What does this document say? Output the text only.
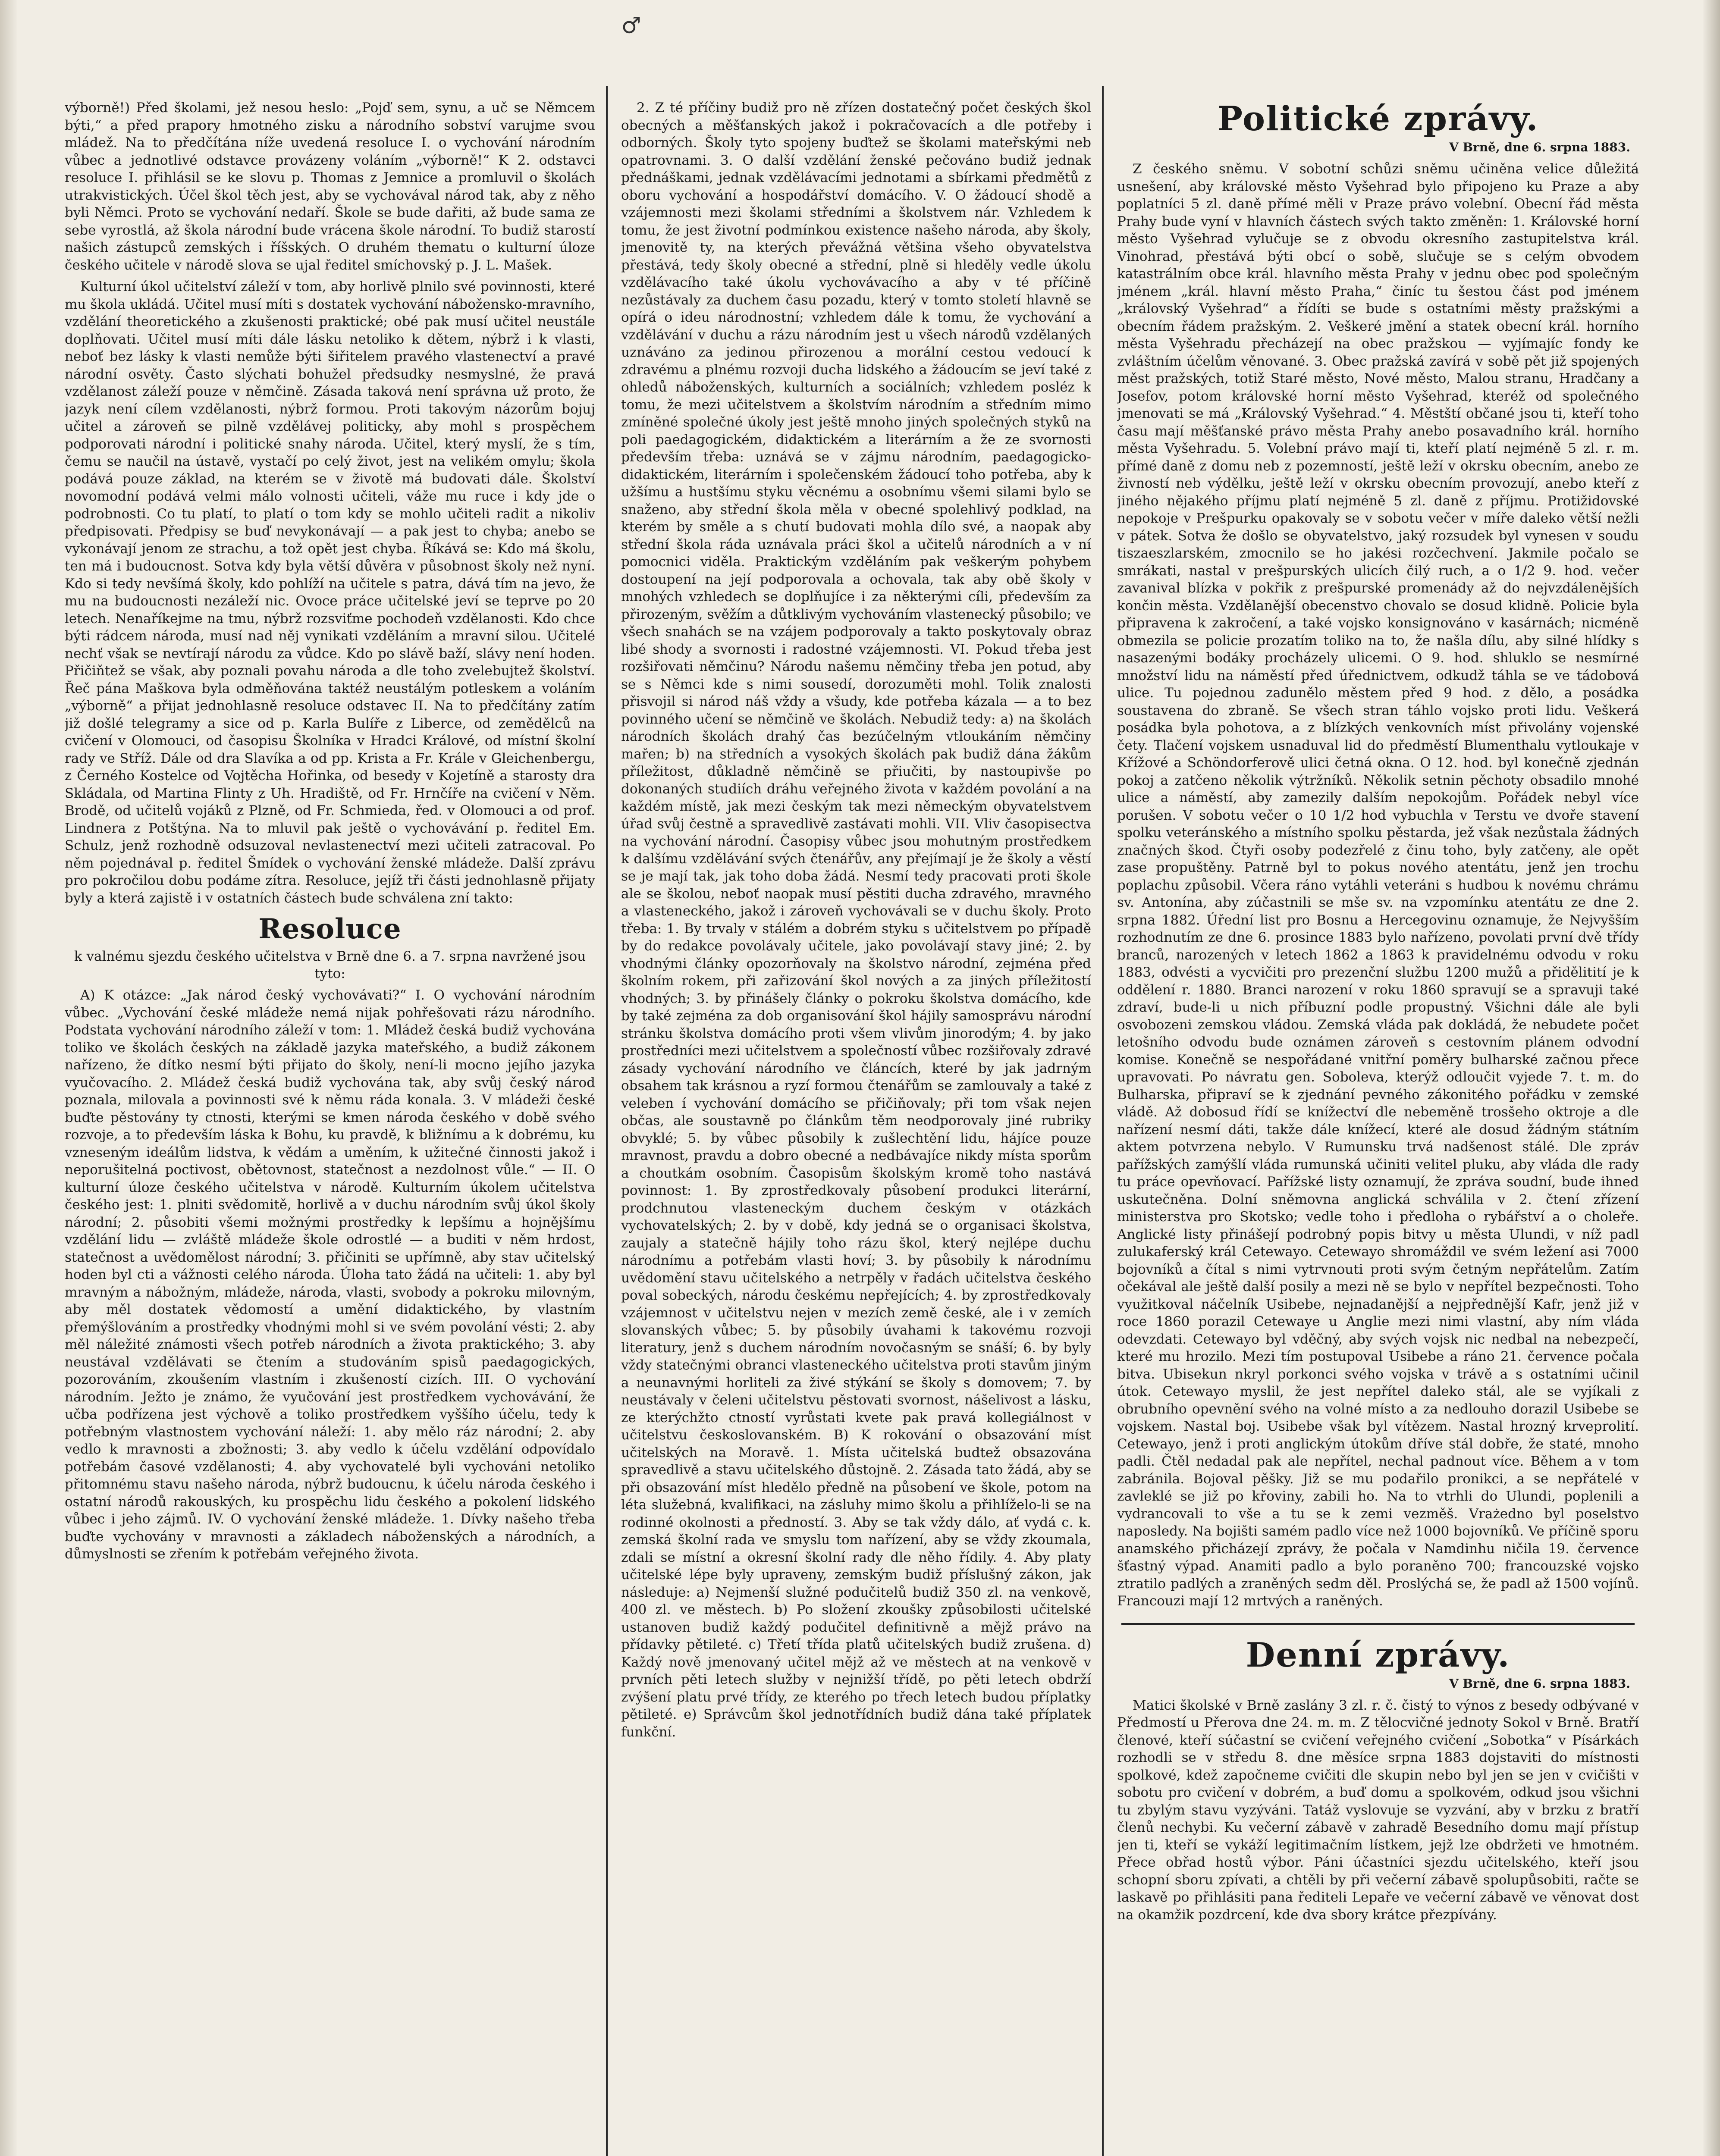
♂

výborně!) Před školami, jež nesou heslo: „Pojď sem, synu, a uč se Němcem býti,“ a před prapory hmotného zisku a národního sobství varujme svou mládež. Na to předčítána níže uvedená resoluce I. o vychování národním vůbec a jednotlivé odstavce provázeny voláním „výborně!“ K 2. odstavci resoluce I. přihlásil se ke slovu p. Thomas z Jemnice a promluvil o školách utrakvistických. Účel škol těch jest, aby se vychovával národ tak, aby z něho byli Němci. Proto se vychování nedaří. Škole se bude dařiti, až bude sama ze sebe vyrostlá, až škola národní bude vrácena škole národní. To budiž starostí našich zástupců zemských i říšských. O druhém thematu o kulturní úloze českého učitele v národě slova se ujal ředitel smíchovský p. J. L. Mašek.

Kulturní úkol učitelství záleží v tom, aby horlivě plnilo své povinnosti, které mu škola ukládá. Učitel musí míti s dostatek vychování nábožensko-mravního, vzdělání theoretického a zkušenosti praktické; obé pak musí učitel neustále doplňovati. Učitel musí míti dále lásku netoliko k dětem, nýbrž i k vlasti, neboť bez lásky k vlasti nemůže býti šiřitelem pravého vlastenectví a pravé národní osvěty. Často slýchati bohužel předsudky nesmyslné, že pravá vzdělanost záleží pouze v němčině. Zásada taková není správna už proto, že jazyk není cílem vzdělanosti, nýbrž formou. Proti takovým názorům bojuj učitel a zároveň se pilně vzdělávej politicky, aby mohl s prospěchem podporovati národní i politické snahy národa. Učitel, který myslí, že s tím, čemu se naučil na ústavě, vystačí po celý život, jest na velikém omylu; škola podává pouze základ, na kterém se v životě má budovati dále. Školství novomodní podává velmi málo volnosti učiteli, váže mu ruce i kdy jde o podrobnosti. Co tu platí, to platí o tom kdy se mohlo učiteli radit a nikoliv předpisovati. Předpisy se buď nevykonávají — a pak jest to chyba; anebo se vykonávají jenom ze strachu, a tož opět jest chyba. Říkává se: Kdo má školu, ten má i budoucnost. Sotva kdy byla větší důvěra v působnost školy než nyní. Kdo si tedy nevšímá školy, kdo pohlíží na učitele s patra, dává tím na jevo, že mu na budoucnosti nezáleží nic. Ovoce práce učitelské jeví se teprve po 20 letech. Nenaříkejme na tmu, nýbrž rozsviťme pochodeň vzdělanosti. Kdo chce býti rádcem národa, musí nad něj vynikati vzděláním a mravní silou. Učitelé nechť však se nevtírají národu za vůdce. Kdo po slávě baží, slávy není hoden. Přičiňtež se však, aby poznali povahu národa a dle toho zvelebujtež školství. Řeč pána Maškova byla odměňována taktéž neustálým potleskem a voláním „výborně“ a přijat jednohlasně resoluce odstavec II. Na to předčítány zatím již došlé telegramy a sice od p. Karla Bulíře z Liberce, od zemědělců na cvičení v Olomouci, od časopisu Školníka v Hradci Králové, od místní školní rady ve Stříž. Dále od dra Slavíka a od pp. Krista a Fr. Krále v Gleichenbergu, z Černého Kostelce od Vojtěcha Hořinka, od besedy v Kojetíně a starosty dra Skládala, od Martina Flinty z Uh. Hradiště, od Fr. Hrnčíře na cvičení v Něm. Brodě, od učitelů vojáků z Plzně, od Fr. Schmieda, řed. v Olomouci a od prof. Lindnera z Potštýna. Na to mluvil pak ještě o vychovávání p. ředitel Em. Schulz, jenž rozhodně odsuzoval nevlastenectví mezi učiteli zatracoval. Po něm pojednával p. ředitel Šmídek o vychování ženské mládeže. Další zprávu pro pokročilou dobu podáme zítra. Resoluce, jejíž tři části jednohlasně přijaty byly a která zajistě i v ostatních částech bude schválena zní takto:

Resoluce
k valnému sjezdu českého učitelstva v Brně dne 6. a 7. srpna navržené jsou tyto:

A) K otázce: „Jak národ český vychovávati?“ I. O vychování národním vůbec. „Vychování české mládeže nemá nijak pohřešovati rázu národního. Podstata vychování národního záleží v tom: 1. Mládež česká budiž vychována toliko ve školách českých na základě jazyka mateřského, a budiž zákonem nařízeno, že dítko nesmí býti přijato do školy, není-li mocno jejího jazyka vyučovacího. 2. Mládež česká budiž vychována tak, aby svůj český národ poznala, milovala a povinnosti své k němu ráda konala. 3. V mládeži české buďte pěstovány ty ctnosti, kterými se kmen národa českého v době svého rozvoje, a to především láska k Bohu, ku pravdě, k bližnímu a k dobrému, ku vzneseným ideálům lidstva, k vědám a uměním, k užitečné činnosti jakož i neporušitelná poctivost, obětovnost, statečnost a nezdolnost vůle.“ — II. O kulturní úloze českého učitelstva v národě. Kulturním úkolem učitelstva českého jest: 1. plniti svědomitě, horlivě a v duchu národním svůj úkol školy národní; 2. působiti všemi možnými prostředky k lepšímu a hojnějšímu vzdělání lidu — zvláště mládeže škole odrostlé — a buditi v něm hrdost, statečnost a uvědomělost národní; 3. přičiniti se upřímně, aby stav učitelský hoden byl cti a vážnosti celého národa. Úloha tato žádá na učiteli: 1. aby byl mravným a nábožným, mládeže, národa, vlasti, svobody a pokroku milovným, aby měl dostatek vědomostí a umění didaktického, by vlastním přemýšlováním a prostředky vhodnými mohl si ve svém povolání vésti; 2. aby měl náležité známosti všech potřeb národních a života praktického; 3. aby neustával vzdělávati se čtením a studováním spisů paedagogických, pozorováním, zkoušením vlastním i zkušeností cizích. III. O vychování národním. Ježto je známo, že vyučování jest prostředkem vychovávání, že učba podřízena jest výchově a toliko prostředkem vyššího účelu, tedy k potřebným vlastnostem vychování náleží: 1. aby mělo ráz národní; 2. aby vedlo k mravnosti a zbožnosti; 3. aby vedlo k účelu vzdělání odpovídalo potřebám časové vzdělanosti; 4. aby vychovatelé byli vychováni netoliko přitomnému stavu našeho národa, nýbrž budoucnu, k účelu národa českého i ostatní národů rakouských, ku prospěchu lidu českého a pokolení lidského vůbec i jeho zájmů. IV. O vychování ženské mládeže. 1. Dívky našeho třeba buďte vychovány v mravnosti a základech náboženských a národních, a důmyslnosti se zřením k potřebám veřejného života.

2. Z té příčiny budiž pro ně zřízen dostatečný počet českých škol obecných a měšťanských jakož i pokračovacích a dle potřeby i odborných. Školy tyto spojeny buďtež se školami mateřskými neb opatrovnami. 3. O další vzdělání ženské pečováno budiž jednak přednáškami, jednak vzdělávacími jednotami a sbírkami předmětů z oboru vychování a hospodářství domácího. V. O žádoucí shodě a vzájemnosti mezi školami středními a školstvem nár. Vzhledem k tomu, že jest životní podmínkou existence našeho národa, aby školy, jmenovitě ty, na kterých převážná většina všeho obyvatelstva přestává, tedy školy obecné a střední, plně si hleděly vedle úkolu vzdělávacího také úkolu vychovávacího a aby v té příčině nezůstávaly za duchem času pozadu, který v tomto století hlavně se opírá o ideu národnostní; vzhledem dále k tomu, že vychování a vzdělávání v duchu a rázu národním jest u všech národů vzdělaných uznáváno za jedinou přirozenou a morální cestou vedoucí k zdravému a plnému rozvoji ducha lidského a žádoucím se jeví také z ohledů náboženských, kulturních a sociálních; vzhledem posléz k tomu, že mezi učitelstvem a školstvím národním a středním mimo zmíněné společné úkoly jest ještě mnoho jiných společných styků na poli paedagogickém, didaktickém a literárním a že ze svornosti především třeba: uznává se v zájmu národním, paedagogicko-didaktickém, literárním i společenském žádoucí toho potřeba, aby k užšímu a hustšímu styku věcnému a osobnímu všemi silami bylo se snaženo, aby střední škola měla v obecné spolehlivý podklad, na kterém by směle a s chutí budovati mohla dílo své, a naopak aby střední škola ráda uznávala práci škol a učitelů národních a v ní pomocnici viděla. Praktickým vzděláním pak veškerým pohybem dostoupení na její podporovala a ochovala, tak aby obě školy v mnohých vzhledech se doplňujíce i za některými cíli, především za přirozeným, svěžím a důtklivým vychováním vlastenecký působilo; ve všech snahách se na vzájem podporovaly a takto poskytovaly obraz libé shody a svornosti i radostné vzájemnosti. VI. Pokud třeba jest rozšiřovati němčinu? Národu našemu němčiny třeba jen potud, aby se s Němci kde s nimi sousedí, dorozuměti mohl. Tolik znalosti přisvojil si národ náš vždy a všudy, kde potřeba kázala — a to bez povinného učení se němčině ve školách. Nebudiž tedy: a) na školách národních školách drahý čas bezúčelným vtloukáním němčiny mařen; b) na středních a vysokých školách pak budiž dána žákům příležitost, důkladně němčině se přiučiti, by nastoupivše po dokonaných studiích dráhu veřejného života v každém povolání a na každém místě, jak mezi českým tak mezi německým obyvatelstvem úřad svůj čestně a spravedlivě zastávati mohli. VII. Vliv časopisectva na vychování národní. Časopisy vůbec jsou mohutným prostředkem k dalšímu vzdělávání svých čtenářův, any přejímají je že školy a věstí se je mají tak, jak toho doba žádá. Nesmí tedy pracovati proti škole ale se školou, neboť naopak musí pěstiti ducha zdravého, mravného a vlasteneckého, jakož i zároveň vychovávali se v duchu školy. Proto třeba: 1. By trvaly v stálém a dobrém styku s učitelstvem po případě by do redakce povolávaly učitele, jako povolávají stavy jiné; 2. by vhodnými články opozorňovaly na školstvo národní, zejména před školním rokem, při zařizování škol nových a za jiných příležitostí vhodných; 3. by přinášely články o pokroku školstva domácího, kde by také zejména za dob organisování škol hájily samosprávu národní stránku školstva domácího proti všem vlivům jinorodým; 4. by jako prostředníci mezi učitelstvem a společností vůbec rozšiřovaly zdravé zásady vychování národního ve článcích, které by jak jadrným obsahem tak krásnou a ryzí formou čtenářům se zamlouvaly a také z veleben í vychování domácího se přičiňovaly; při tom však nejen občas, ale soustavně po článkům těm neodporovaly jiné rubriky obvyklé; 5. by vůbec působily k zušlechtění lidu, hájíce pouze mravnost, pravdu a dobro obecné a nedbávajíce nikdy místa sporům a choutkám osobním. Časopisům školským kromě toho nastává povinnost: 1. By zprostředkovaly působení produkci literární, prodchnutou vlasteneckým duchem českým v otázkách vychovatelských; 2. by v době, kdy jedná se o organisaci školstva, zaujaly a statečně hájily toho rázu škol, který nejlépe duchu národnímu a potřebám vlasti hoví; 3. by působily k národnímu uvědomění stavu učitelského a netrpěly v řadách učitelstva českého poval sobeckých, národu českému nepřejících; 4. by zprostředkovaly vzájemnost v učitelstvu nejen v mezích země české, ale i v zemích slovanských vůbec; 5. by působily úvahami k takovému rozvoji literatury, jenž s duchem národním novočasným se snáší; 6. by byly vždy statečnými obranci vlasteneckého učitelstva proti stavům jiným a neunavnými horliteli za živé stýkání se školy s domovem; 7. by neustávaly v čeleni učitelstvu pěstovati svornost, nášelivost a lásku, ze kterýchžto ctností vyrůstati kvete pak pravá kollegiálnost v učitelstvu českoslovanském. B) K rokování o obsazování míst učitelských na Moravě. 1. Místa učitelská budtež obsazována spravedlivě a stavu učitelského důstojně. 2. Zásada tato žádá, aby se při obsazování míst hledělo předně na působení ve škole, potom na léta služebná, kvalifikaci, na zásluhy mimo školu a přihlíželo-li se na rodinné okolnosti a předností. 3. Aby se tak vždy dálo, ať vydá c. k. zemská školní rada ve smyslu tom nařízení, aby se vždy zkoumala, zdali se místní a okresní školní rady dle něho řídily. 4. Aby platy učitelské lépe byly upraveny, zemským budiž příslušný zákon, jak následuje: a) Nejmenší služné podučitelů budiž 350 zl. na venkově, 400 zl. ve městech. b) Po složení zkoušky způsobilosti učitelské ustanoven budiž každý podučitel definitivně a mějž právo na přídavky pětileté. c) Třetí třída platů učitelských budiž zrušena. d) Každý nově jmenovaný učitel mějž až ve městech at na venkově v prvních pěti letech služby v nejnižší třídě, po pěti letech obdrží zvýšení platu prvé třídy, ze kterého po třech letech budou příplatky pětileté. e) Správcům škol jednotřídních budiž dána také příplatek funkční.

Politické zprávy.
V Brně, dne 6. srpna 1883.

Z českého sněmu. V sobotní schůzi sněmu učiněna velice důležitá usnešení, aby královské město Vyšehrad bylo připojeno ku Praze a aby poplatníci 5 zl. daně přímé měli v Praze právo volební. Obecní řád města Prahy bude vyní v hlavních částech svých takto změněn: 1. Královské horní město Vyšehrad vylučuje se z obvodu okresního zastupitelstva král. Vinohrad, přestává býti obcí o sobě, slučuje se s celým obvodem katastrálním obce král. hlavního města Prahy v jednu obec pod společným jménem „král. hlavní město Praha,“ činíc tu šestou část pod jménem „královský Vyšehrad“ a řídíti se bude s ostatními městy pražskými a obecním řádem pražským. 2. Veškeré jmění a statek obecní král. horního města Vyšehradu přecházejí na obec pražskou — vyjímajíc fondy ke zvláštním účelům věnované. 3. Obec pražská zavírá v sobě pět již spojených měst pražských, totiž Staré město, Nové město, Malou stranu, Hradčany a Josefov, potom královské horní město Vyšehrad, kteréž od společného jmenovati se má „Královský Vyšehrad.“ 4. Městští občané jsou ti, kteří toho času mají měšťanské právo města Prahy anebo posavadního král. horního města Vyšehradu. 5. Volební právo mají ti, kteří platí nejméně 5 zl. r. m. přímé daně z domu neb z pozemností, ještě leží v okrsku obecním, anebo ze živností neb výdělku, ještě leží v okrsku obecním provozují, anebo kteří z jiného nějakého příjmu platí nejméně 5 zl. daně z příjmu. Protižidovské nepokoje v Prešpurku opakovaly se v sobotu večer v míře daleko větší nežli v pátek. Sotva že došlo se obyvatelstvo, jaký rozsudek byl vynesen v soudu tiszaeszlarském, zmocnilo se ho jakési rozčechvení. Jakmile počalo se smrákati, nastal v prešpurských ulicích čilý ruch, a o 1/2 9. hod. večer zavanival blízka v pokřik z prešpurské promenády až do nejvzdálenějších končin města. Vzdělanější obecenstvo chovalo se dosud klidně. Policie byla připravena k zakročení, a také vojsko konsignováno v kasárnách; nicméně obmezila se policie prozatím toliko na to, že našla dílu, aby silné hlídky s nasazenými bodáky procházely ulicemi. O 9. hod. shluklo se nesmírné množství lidu na náměstí před úřednictvem, odkudž táhla se ve tádobová ulice. Tu pojednou zadunělo městem před 9 hod. z dělo, a posádka soustavena do zbraně. Se všech stran táhlo vojsko proti lidu. Veškerá posádka byla pohotova, a z blízkých venkovních míst přivolány vojenské čety. Tlačení vojskem usnaduval lid do předměstí Blumenthalu vytloukaje v Křížové a Schöndorferově ulici četná okna. O 12. hod. byl konečně zjednán pokoj a zatčeno několik výtržníků. Několik setnin pěchoty obsadilo mnohé ulice a náměstí, aby zamezily dalším nepokojům. Pořádek nebyl více porušen. V sobotu večer o 10 1/2 hod vybuchla v Terstu ve dvoře stavení spolku veteránského a místního spolku pěstarda, jež však nezůstala žádných značných škod. Čtyři osoby podezřelé z činu toho, byly zatčeny, ale opět zase propuštěny. Patrně byl to pokus nového atentátu, jenž jen trochu poplachu způsobil. Včera ráno vytáhli veteráni s hudbou k novému chrámu sv. Antonína, aby zúčastnili se mše sv. na vzpomínku atentátu ze dne 2. srpna 1882. Úřední list pro Bosnu a Hercegovinu oznamuje, že Nejvyšším rozhodnutím ze dne 6. prosince 1883 bylo nařízeno, povolati první dvě třídy branců, narozených v letech 1862 a 1863 k pravidelnému odvodu v roku 1883, odvésti a vycvičiti pro prezenční službu 1200 mužů a přidělitití je k oddělení r. 1880. Branci narození v roku 1860 spravují se a spravuji také zdraví, bude-li u nich příbuzní podle propustný. Všichni dále ale byli osvobozeni zemskou vládou. Zemská vláda pak dokládá, že nebudete počet letošního odvodu bude oznámen zároveň s cestovním plánem odvodní komise. Konečně se nespořádané vnitřní poměry bulharské začnou přece upravovati. Po návratu gen. Soboleva, kterýž odloučit vyjede 7. t. m. do Bulharska, připraví se k zjednání pevného zákonitého pořádku v zemské vládě. Až dobosud řídí se knížectví dle nebeměně trosšeho oktroje a dle nařízení nesmí dáti, takže dále knížecí, které ale dosud žádným státním aktem potvrzena nebylo. V Rumunsku trvá nadšenost stálé. Dle zpráv pařížských zamýšlí vláda rumunská učiniti velitel pluku, aby vláda dle rady tu práce opevňovací. Pařížské listy oznamují, že zpráva soudní, bude ihned uskutečněna. Dolní sněmovna anglická schválila v 2. čtení zřízení ministerstva pro Skotsko; vedle toho i předloha o rybářství a o choleře. Anglické listy přinášejí podrobný popis bitvy u města Ulundi, v níž padl zulukaferský král Cetewayo. Cetewayo shromáždil ve svém ležení asi 7000 bojovníků a čítal s nimi vytrvnouti proti svým četným nepřátelům. Zatím očekával ale ještě další posily a mezi ně se bylo v nepřítel bezpečnosti. Toho využitkoval náčelník Usibebe, nejnadanější a nejpřednější Kafr, jenž již v roce 1860 porazil Cetewaye u Anglie mezi nimi vlastní, aby ním vláda odevzdati. Cetewayo byl vděčný, aby svých vojsk nic nedbal na nebezpečí, které mu hrozilo. Mezi tím postupoval Usibebe a ráno 21. července počala bitva. Ubisekun nkryl porkonci svého vojska v trávě a s ostatními učinil útok. Cetewayo myslil, že jest nepřítel daleko stál, ale se vyjíkali z obrubního opevnění svého na volné místo a za nedlouho dorazil Usibebe se vojskem. Nastal boj. Usibebe však byl vítězem. Nastal hrozný krveprolití. Cetewayo, jenž i proti anglickým útokům dříve stál dobře, že staté, mnoho padli. Čtěl nedadal pak ale nepřítel, nechal padnout více. Během a v tom zabránila. Bojoval pěšky. Již se mu podařilo pronikci, a se nepřátelé v zavleklé se již po křoviny, zabili ho. Na to vtrhli do Ulundi, poplenili a vydrancovali to vše a tu se k zemi vezměš. Vrażedno byl poselstvo naposledy. Na bojišti samém padlo více než 1000 bojovníků. Ve příčině sporu anamského přicházejí zprávy, že počala v Namdinhu ničila 19. července šťastný výpad. Anamiti padlo a bylo poraněno 700; francouzské vojsko ztratilo padlých a zraněných sedm děl. Proslýchá se, že padl až 1500 vojínů. Francouzi mají 12 mrtvých a raněných.

Denní zprávy.
V Brně, dne 6. srpna 1883.

Matici školské v Brně zaslány 3 zl. r. č. čistý to výnos z besedy odbývané v Předmostí u Přerova dne 24. m. m. Z tělocvičné jednoty Sokol v Brně. Bratří členové, kteří súčastní se cvičení veřejného cvičení „Sobotka“ v Písárkách rozhodli se v středu 8. dne měsíce srpna 1883 dojstaviti do místnosti spolkové, kdež započneme cvičiti dle skupin nebo byl jen se jen v cvičišti v sobotu pro cvičení v dobrém, a buď domu a spolkovém, odkud jsou všichni tu zbylým stavu vyzýváni. Tatáž vyslovuje se vyzvání, aby v brzku z bratří členů nechybi. Ku večerní zábavě v zahradě Besedního domu mají přístup jen ti, kteří se vykáží legitimačním lístkem, jejž lze obdržeti ve hmotném. Přece obřad hostů výbor. Páni účastníci sjezdu učitelského, kteří jsou schopní sboru zpívati, a chtěli by při večerní zábavě spolupůsobiti, račte se laskavě po přihlásiti pana řediteli Lepaře ve večerní zábavě ve věnovat dost na okamžik pozdrcení, kde dva sbory krátce přezpívány.
